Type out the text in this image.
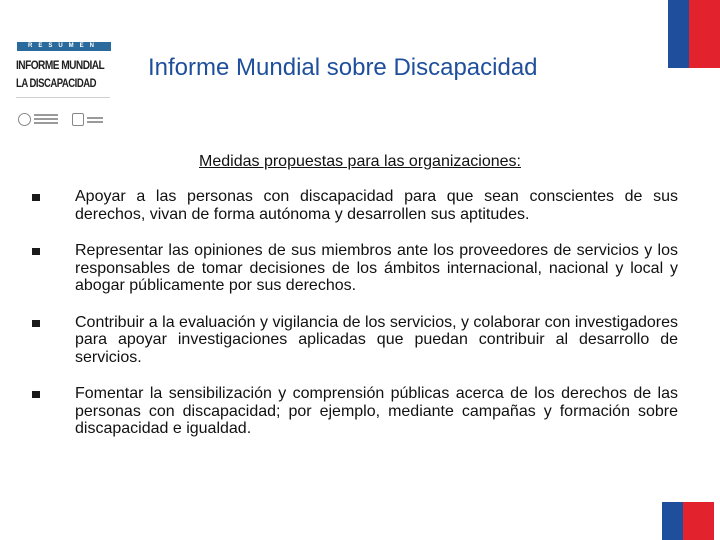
RESUMEN
INFORME MUNDIAL
LA DISCAPACIDAD
Informe Mundial sobre Discapacidad
Medidas propuestas para las organizaciones:
Apoyar a las personas con discapacidad para que sean conscientes de sus derechos, vivan de forma autónoma y desarrollen sus aptitudes.
Representar las opiniones de sus miembros ante los proveedores de servicios y los responsables de tomar decisiones de los ámbitos internacional, nacional y local y abogar públicamente por sus derechos.
Contribuir a la evaluación y vigilancia de los servicios, y colaborar con investigadores para apoyar investigaciones aplicadas que puedan contribuir al desarrollo de servicios.
Fomentar la sensibilización y comprensión públicas acerca de los derechos de las personas con discapacidad; por ejemplo, mediante campañas y formación sobre discapacidad e igualdad.
